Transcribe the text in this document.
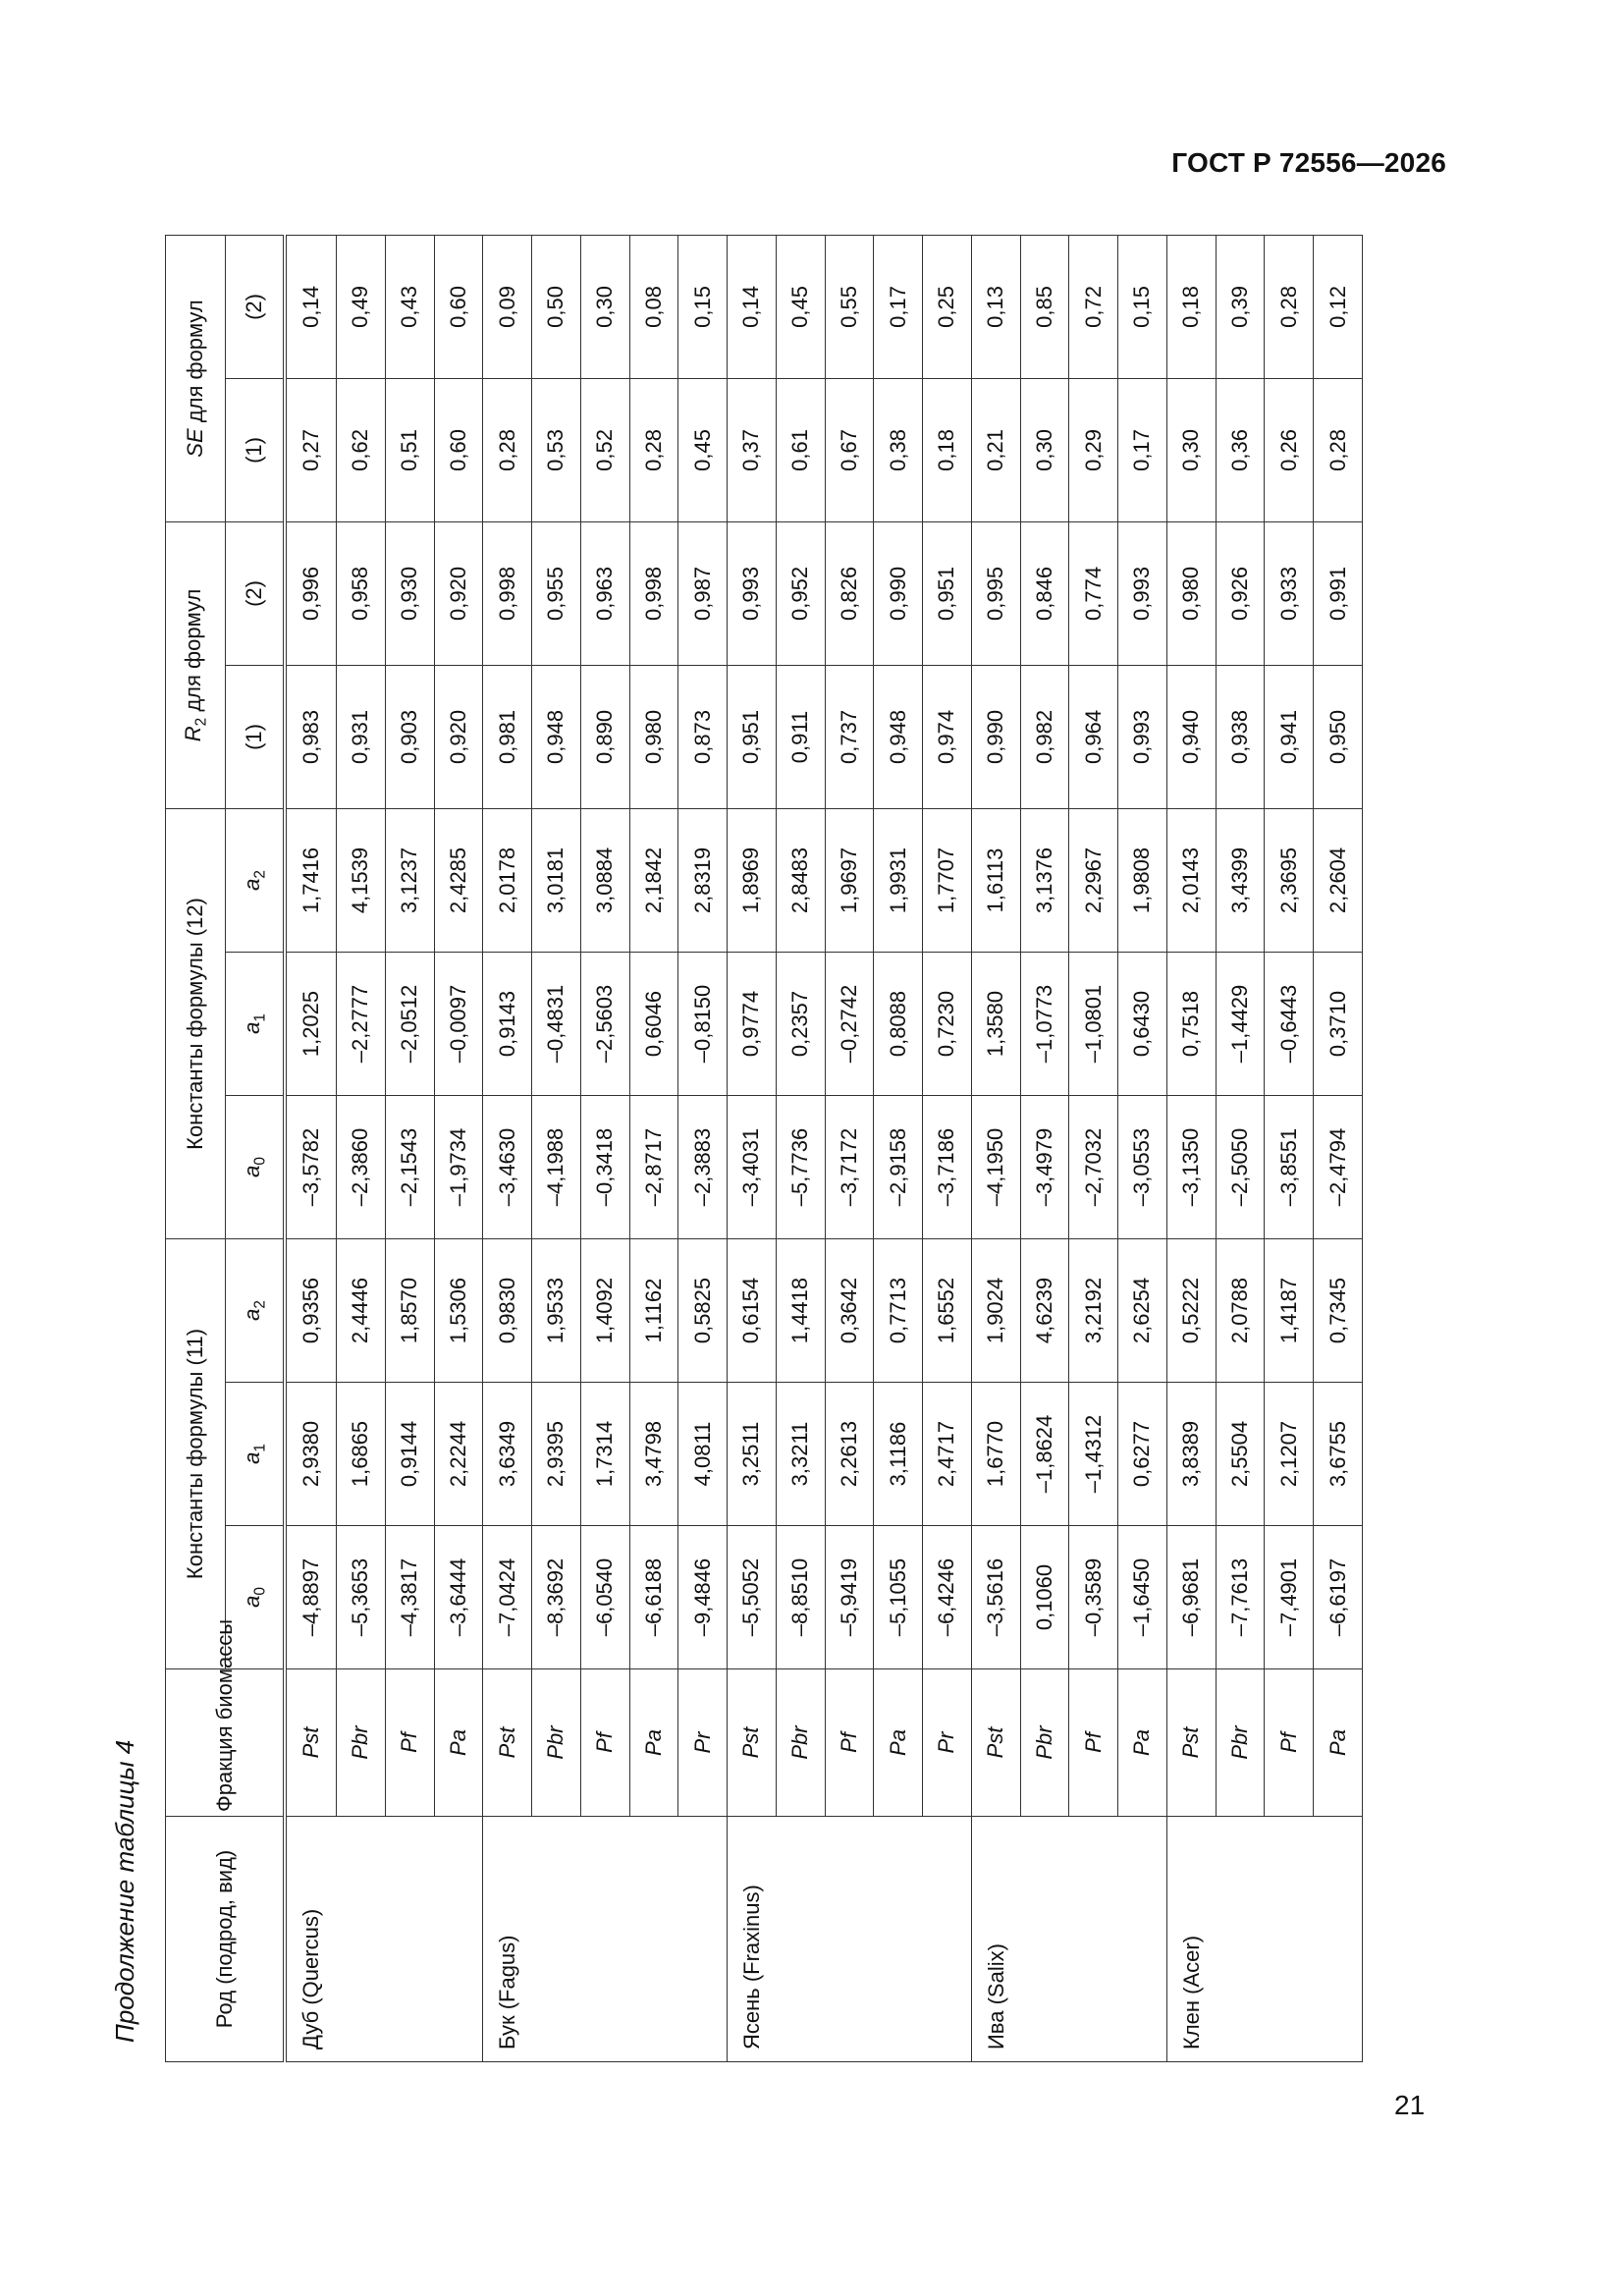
ГОСТ Р 72556—2026
Продолжение таблицы 4	Род (подрод, вид)	Фракция биомассы	Константы формулы (11)			Константы формулы (12)			$R_2$ для формул		SE для формул	
		$a_0$	$a_1$	$a_2$	$a_0$	$a_1$	$a_2$	(1)	(2)	(1)	(2)
Дуб (Quercus)	Pst	–4,8897	2,9380	0,9356	–3,5782	1,2025	1,7416	0,983	0,996	0,27	0,14
	Pbr	–5,3653	1,6865	2,4446	–2,3860	–2,2777	4,1539	0,931	0,958	0,62	0,49
	Pf	–4,3817	0,9144	1,8570	–2,1543	–2,0512	3,1237	0,903	0,930	0,51	0,43
	Pa	–3,6444	2,2244	1,5306	–1,9734	–0,0097	2,4285	0,920	0,920	0,60	0,60
Бук (Fagus)	Pst	–7,0424	3,6349	0,9830	–3,4630	0,9143	2,0178	0,981	0,998	0,28	0,09
	Pbr	–8,3692	2,9395	1,9533	–4,1988	–0,4831	3,0181	0,948	0,955	0,53	0,50
	Pf	–6,0540	1,7314	1,4092	–0,3418	–2,5603	3,0884	0,890	0,963	0,52	0,30
	Pa	–6,6188	3,4798	1,1162	–2,8717	0,6046	2,1842	0,980	0,998	0,28	0,08
	Pr	–9,4846	4,0811	0,5825	–2,3883	–0,8150	2,8319	0,873	0,987	0,45	0,15
Ясень (Fraxinus)	Pst	–5,5052	3,2511	0,6154	–3,4031	0,9774	1,8969	0,951	0,993	0,37	0,14
	Pbr	–8,8510	3,3211	1,4418	–5,7736	0,2357	2,8483	0,911	0,952	0,61	0,45
	Pf	–5,9419	2,2613	0,3642	–3,7172	–0,2742	1,9697	0,737	0,826	0,67	0,55
	Pa	–5,1055	3,1186	0,7713	–2,9158	0,8088	1,9931	0,948	0,990	0,38	0,17
	Pr	–6,4246	2,4717	1,6552	–3,7186	0,7230	1,7707	0,974	0,951	0,18	0,25
Ива (Salix)	Pst	–3,5616	1,6770	1,9024	–4,1950	1,3580	1,6113	0,990	0,995	0,21	0,13
	Pbr	0,1060	–1,8624	4,6239	–3,4979	–1,0773	3,1376	0,982	0,846	0,30	0,85
	Pf	–0,3589	–1,4312	3,2192	–2,7032	–1,0801	2,2967	0,964	0,774	0,29	0,72
	Pa	–1,6450	0,6277	2,6254	–3,0553	0,6430	1,9808	0,993	0,993	0,17	0,15
Клен (Acer)	Pst	–6,9681	3,8389	0,5222	–3,1350	0,7518	2,0143	0,940	0,980	0,30	0,18
	Pbr	–7,7613	2,5504	2,0788	–2,5050	–1,4429	3,4399	0,938	0,926	0,36	0,39
	Pf	–7,4901	2,1207	1,4187	–3,8551	–0,6443	2,3695	0,941	0,933	0,26	0,28
	Pa	–6,6197	3,6755	0,7345	–2,4794	0,3710	2,2604	0,950	0,991	0,28	0,12
21
